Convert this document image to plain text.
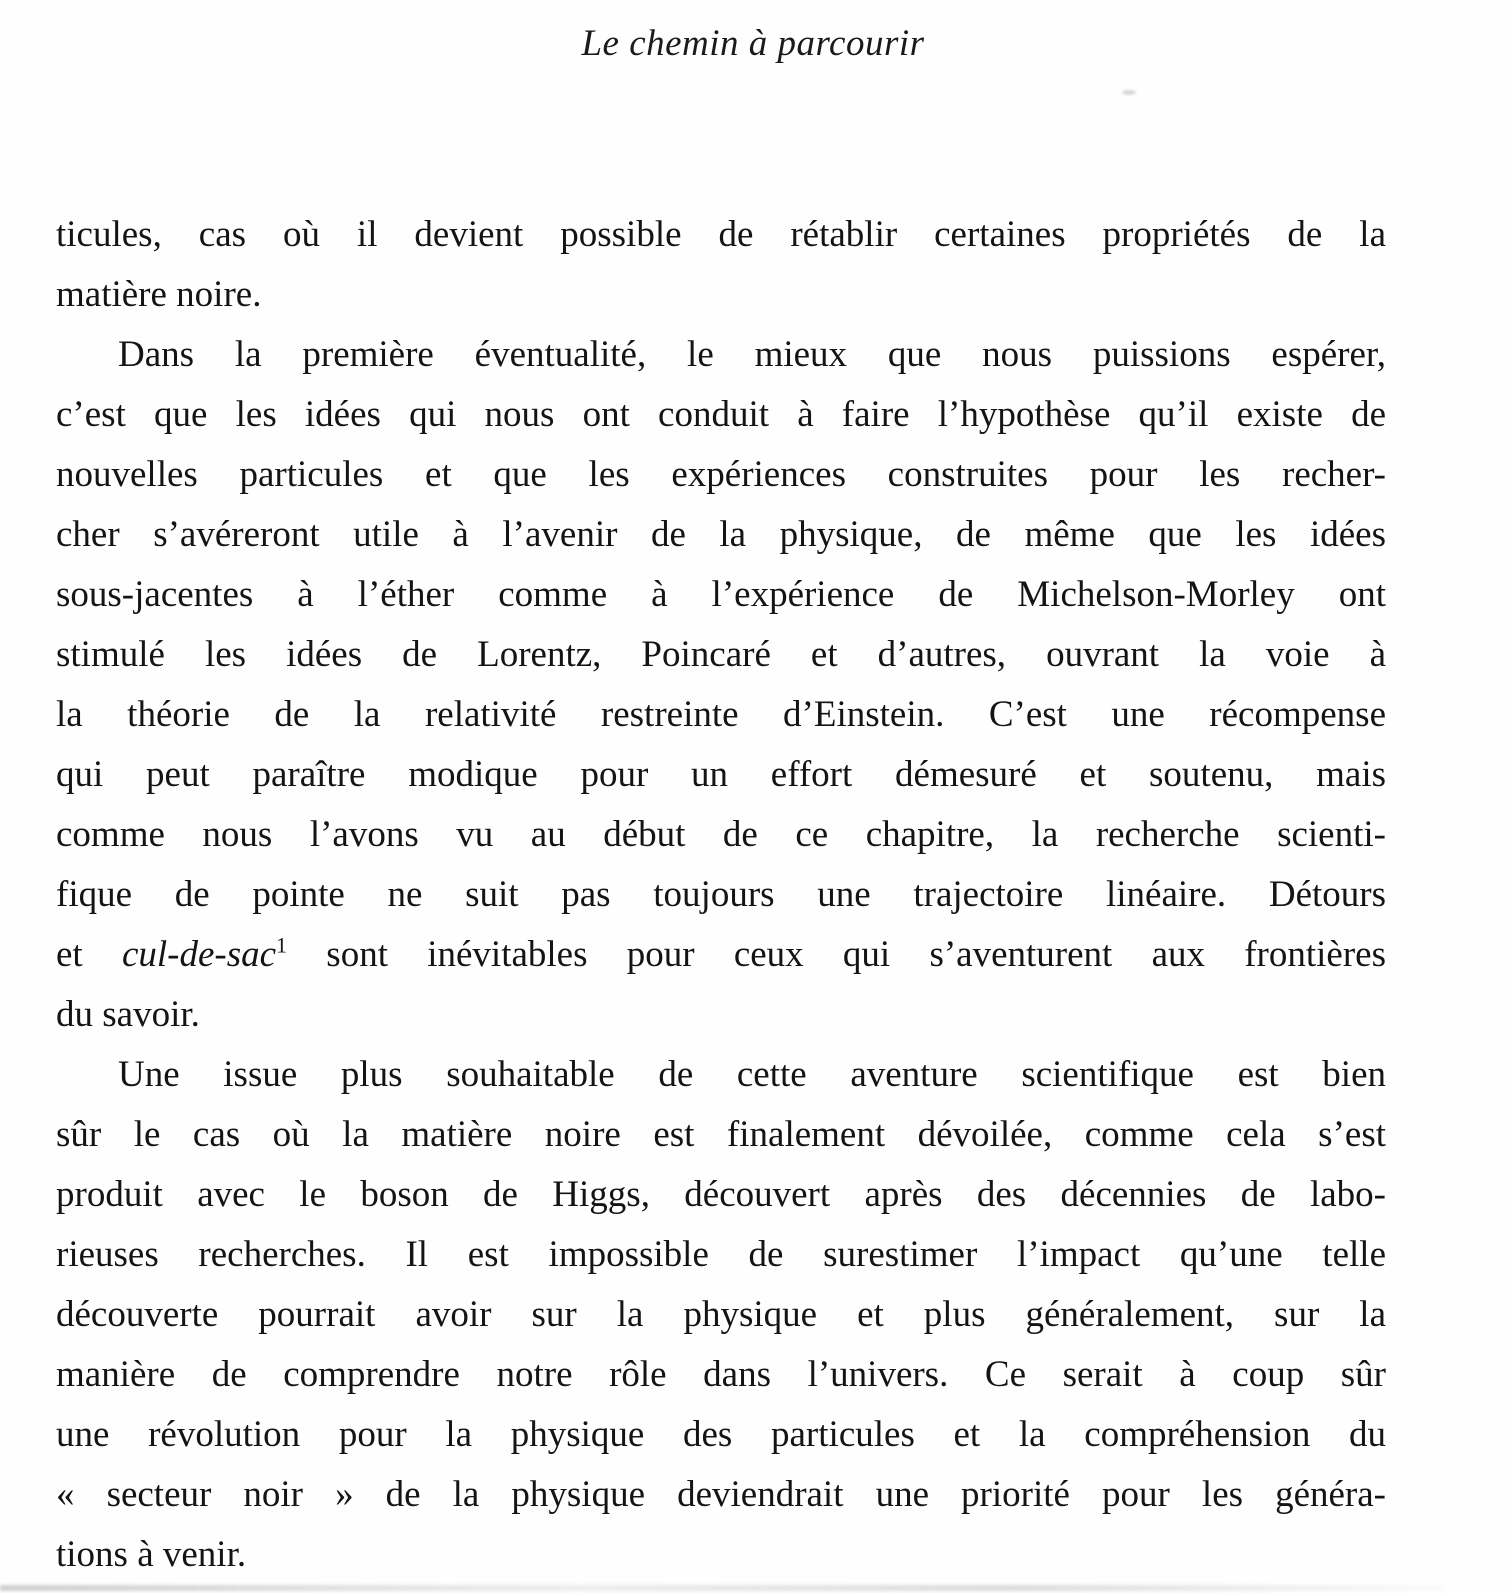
Le chemin à parcourir
ticules, cas où il devient possible de rétablir certaines propriétés de la
matière noire.
Dans la première éventualité, le mieux que nous puissions espérer,
c’est que les idées qui nous ont conduit à faire l’hypothèse qu’il existe de
nouvelles particules et que les expériences construites pour les recher-
cher s’avéreront utile à l’avenir de la physique, de même que les idées
sous-jacentes à l’éther comme à l’expérience de Michelson-Morley ont
stimulé les idées de Lorentz, Poincaré et d’autres, ouvrant la voie à
la théorie de la relativité restreinte d’Einstein. C’est une récompense
qui peut paraître modique pour un effort démesuré et soutenu, mais
comme nous l’avons vu au début de ce chapitre, la recherche scienti-
fique de pointe ne suit pas toujours une trajectoire linéaire. Détours
et cul-de-sac$^1$ sont inévitables pour ceux qui s’aventurent aux frontières
du savoir.
Une issue plus souhaitable de cette aventure scientifique est bien
sûr le cas où la matière noire est finalement dévoilée, comme cela s’est
produit avec le boson de Higgs, découvert après des décennies de labo-
rieuses recherches. Il est impossible de surestimer l’impact qu’une telle
découverte pourrait avoir sur la physique et plus généralement, sur la
manière de comprendre notre rôle dans l’univers. Ce serait à coup sûr
une révolution pour la physique des particules et la compréhension du
« secteur noir » de la physique deviendrait une priorité pour les généra-
tions à venir.
